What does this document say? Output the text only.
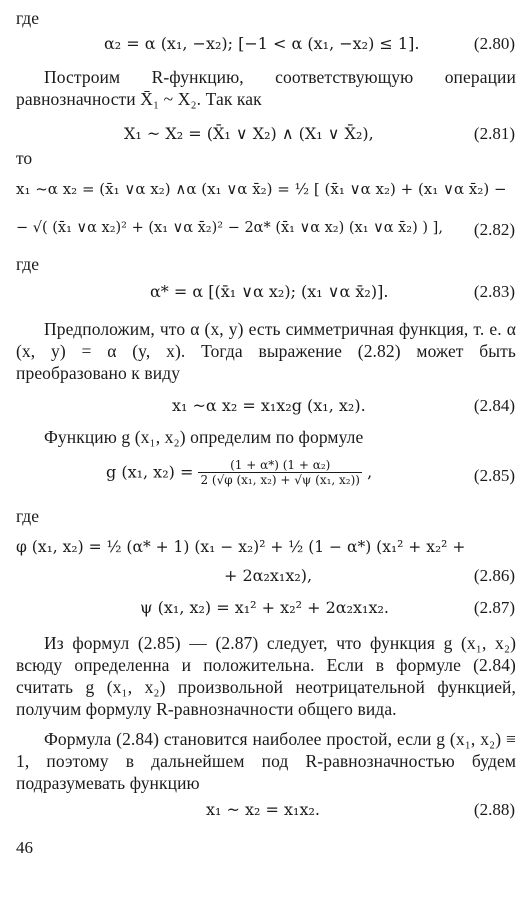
где
α₂ = α (x₁, −x₂); [−1 < α (x₁, −x₂) ≤ 1].	(2.80)
Построим R-функцию, соответствующую операции равнозначности X̄₁ ~ X₂. Так как
X₁ ~ X₂ = (X̄₁ ∨ X₂) ∧ (X₁ ∨ X̄₂),	(2.81)
то
x₁ ~α x₂ = (x̄₁ ∨α x₂) ∧α (x₁ ∨α x̄₂) = ½ [ (x̄₁ ∨α x₂) + (x₁ ∨α x̄₂) −
− √( (x̄₁ ∨α x₂)² + (x₁ ∨α x̄₂)² − 2α* (x̄₁ ∨α x₂) (x₁ ∨α x̄₂) ) ], (2.82)
где
α* = α [(x̄₁ ∨α x₂); (x₁ ∨α x̄₂)].	(2.83)
Предположим, что α (x, y) есть симметричная функция, т. е. α (x, y) = α (y, x). Тогда выражение (2.82) может быть преобразовано к виду
x₁ ~α x₂ = x₁x₂g (x₁, x₂).	(2.84)
Функцию g (x₁, x₂) определим по формуле
g (x₁, $x_2) = \frac{\text{(1 + α*) (1 + α₂)}}{\text{2 (√φ (x₁, x₂) + √ψ (x₁, x₂))}}$ ,	(2.85)
где
φ (x₁, x₂) = ½ (α* + 1) (x₁ − x₂)² + ½ (1 − α*) (x₁² + x₂² +
+ 2α₂x₁x₂),	(2.86)
ψ (x₁, x₂) = x₁² + x₂² + 2α₂x₁x₂.	(2.87)
Из формул (2.85) — (2.87) следует, что функция g (x₁, x₂) всюду определенна и положительна. Если в формуле (2.84) считать g (x₁, x₂) произвольной неотрицательной функцией, получим формулу R-равнозначности общего вида.
Формула (2.84) становится наиболее простой, если g (x₁, x₂) ≡ 1, поэтому в дальнейшем под R-равнозначностью будем подразумевать функцию
x₁ ~ x₂ = x₁x₂.	(2.88)
46
